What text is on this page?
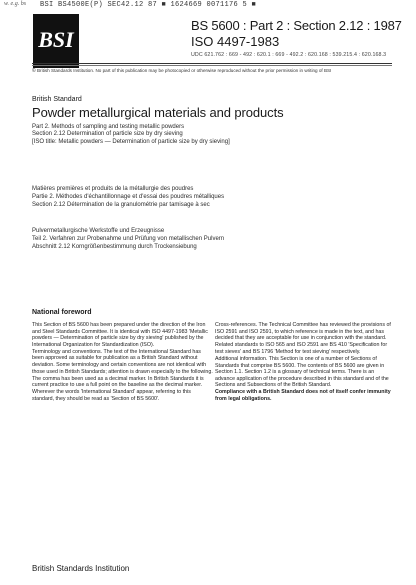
w. e.g. bs BSI BS4500E(P) SEC42.12 87 ■ 1624669 0071176 5 ■
BSI
BS 5600 : Part 2 : Section 2.12 : 1987
ISO 4497-1983
UDC 621.762 : 669 - 492 : 620.1 : 669 - 492.2 : 620.168 : 539.215.4 : 620.168.3
© British Standards Institution. No part of this publication may be photocopied or otherwise reproduced without the prior permission in writing of BSI
British Standard
Powder metallurgical materials and products
Part 2. Methods of sampling and testing metallic powders
Section 2.12 Determination of particle size by dry sieving
[ISO title: Metallic powders — Determination of particle size by dry sieving]
Matières premières et produits de la métallurgie des poudres
Partie 2. Méthodes d'échantillonnage et d'essai des poudres métalliques
Section 2.12 Détermination de la granulométrie par tamisage à sec
Pulvermetallurgische Werkstoffe und Erzeugnisse
Teil 2. Verfahren zur Probenahme und Prüfung von metallischen Pulvern
Abschnitt 2.12 Korngrößenbestimmung durch Trockensiebung
National foreword

This Section of BS 5600 has been prepared under the direction of the Iron and Steel Standards Committee. It is identical with ISO 4497-1983 'Metallic powders — Determination of particle size by dry sieving' published by the International Organization for Standardization (ISO).

Terminology and conventions. The text of the International Standard has been approved as suitable for publication as a British Standard without deviation. Some terminology and certain conventions are not identical with those used in British Standards; attention is drawn especially to the following.

The comma has been used as a decimal marker. In British Standards it is current practice to use a full point on the baseline as the decimal marker.

Wherever the words 'International Standard' appear, referring to this standard, they should be read as 'Section of BS 5600'.

Cross-references. The Technical Committee has reviewed the provisions of ISO 2591 and ISO 2591, to which reference is made in the text, and has decided that they are acceptable for use in conjunction with the standard.

Related standards to ISO 565 and ISO 2591 are BS 410 'Specification for test sieves' and BS 1796 'Method for test sieving' respectively.

Additional information. This Section is one of a number of Sections of Standards that comprise BS 5600. The contents of BS 5600 are given in Section 1.1. Section 1.2 is a glossary of technical terms. There is an advance application of the procedure described in this standard and of the Sections and Subsections of the British Standard.

Compliance with a British Standard does not of itself confer immunity from legal obligations.

British Standards Institution
